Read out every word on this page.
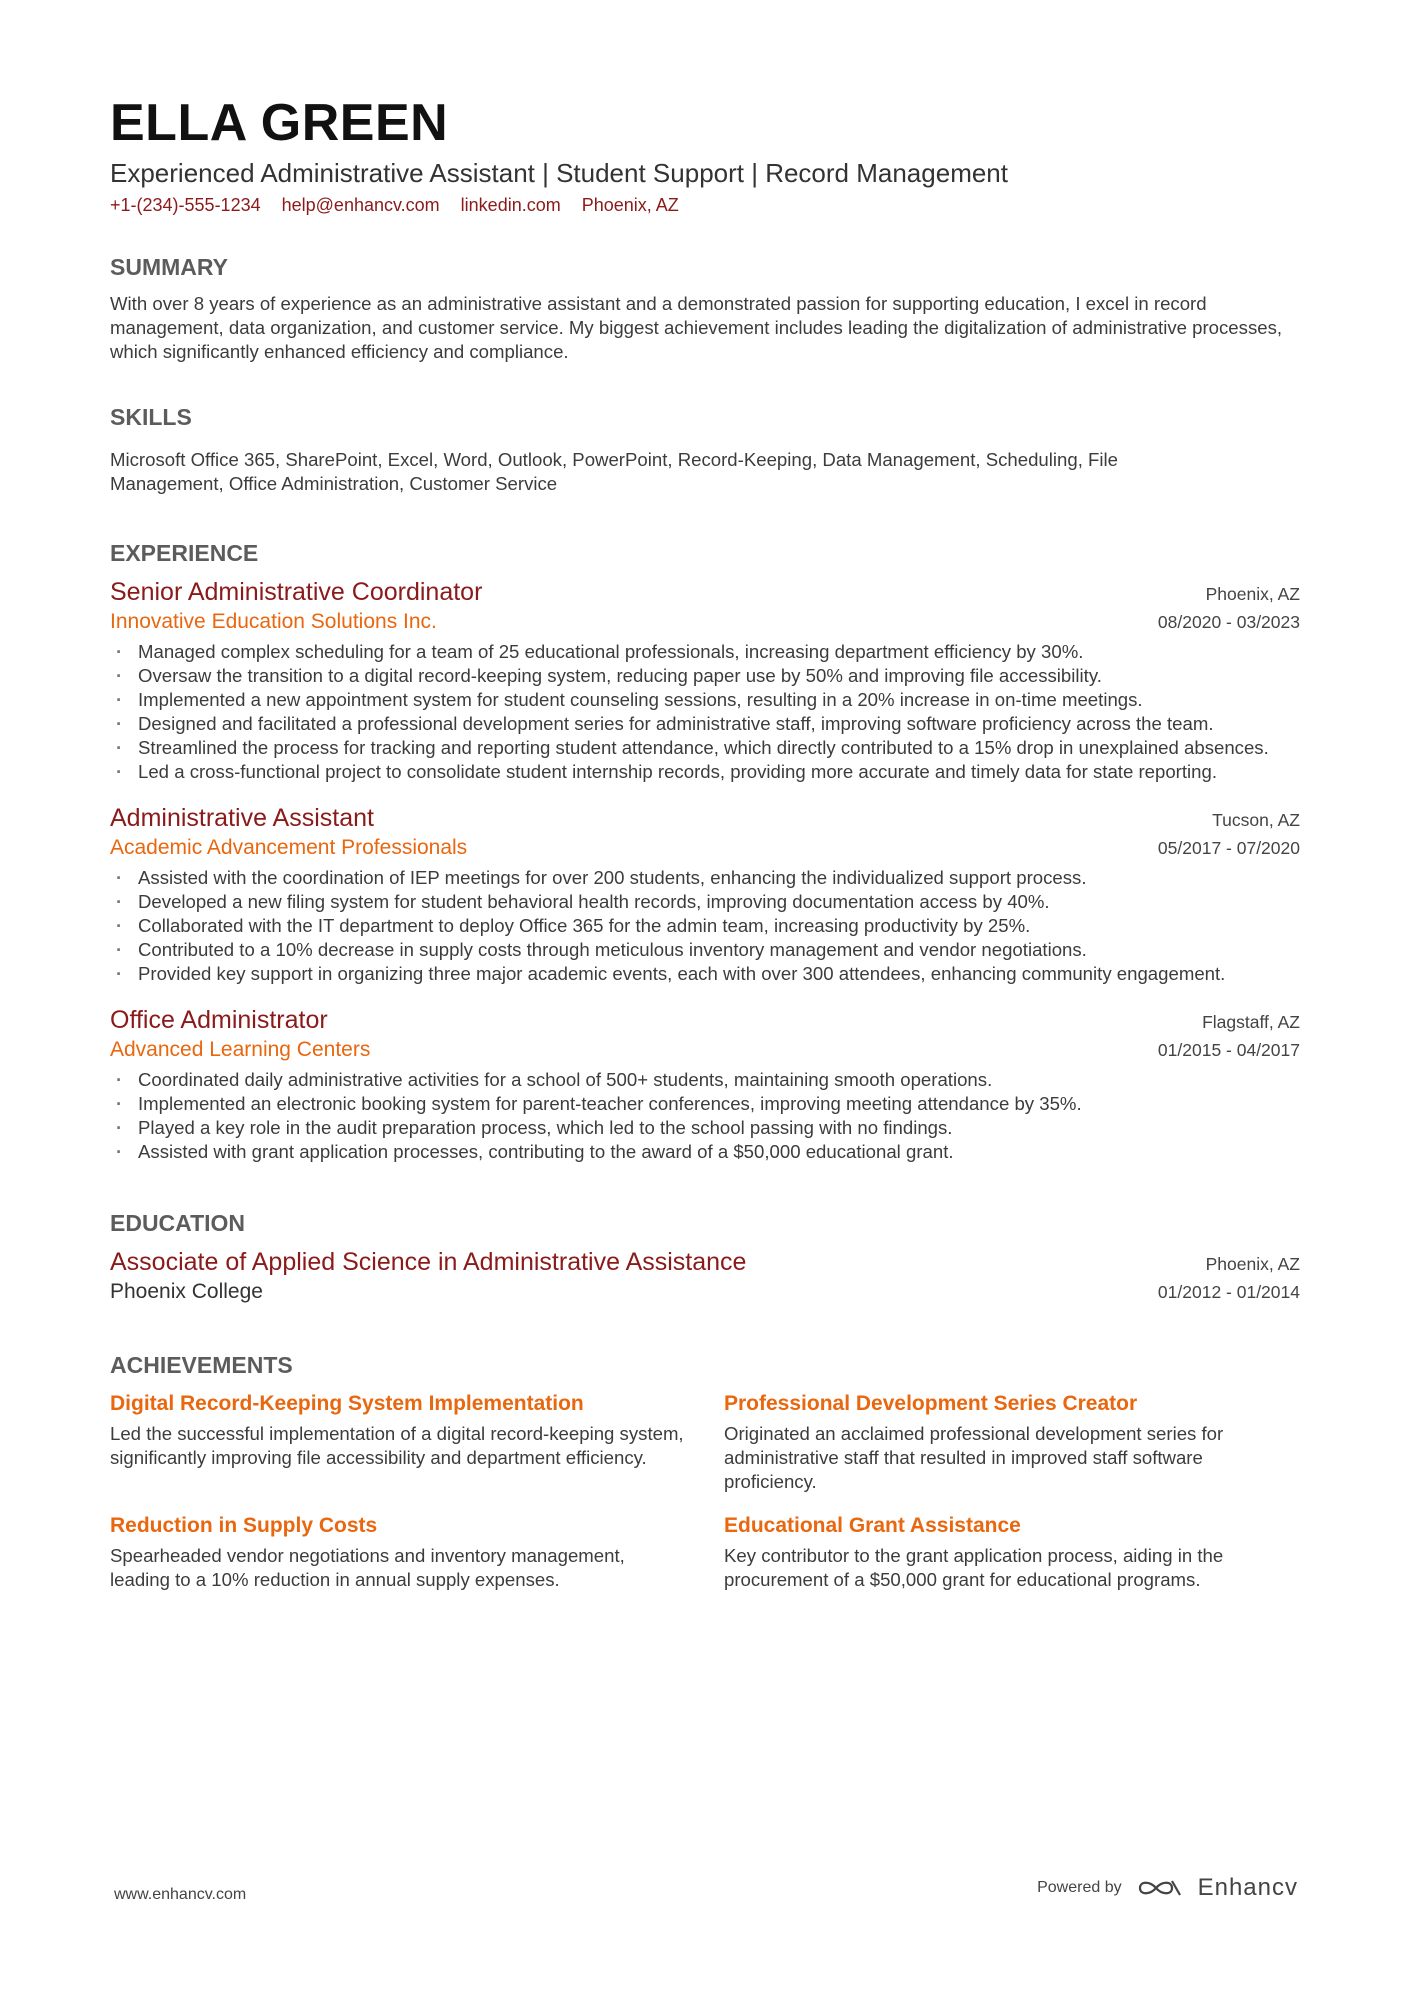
ELLA GREEN
Experienced Administrative Assistant | Student Support | Record Management
+1-(234)-555-1234 help@enhancv.com linkedin.com Phoenix, AZ
SUMMARY

With over 8 years of experience as an administrative assistant and a demonstrated passion for supporting education, I excel in record management, data organization, and customer service. My biggest achievement includes leading the digitalization of administrative processes, which significantly enhanced efficiency and compliance.

SKILLS

Microsoft Office 365, SharePoint, Excel, Word, Outlook, PowerPoint, Record-Keeping, Data Management, Scheduling, File Management, Office Administration, Customer Service

EXPERIENCE
Senior Administrative Coordinator	Phoenix, AZ
Innovative Education Solutions Inc.	08/2020 - 03/2023
· Managed complex scheduling for a team of 25 educational professionals, increasing department efficiency by 30%.
· Oversaw the transition to a digital record-keeping system, reducing paper use by 50% and improving file accessibility.
· Implemented a new appointment system for student counseling sessions, resulting in a 20% increase in on-time meetings.
· Designed and facilitated a professional development series for administrative staff, improving software proficiency across the team.
· Streamlined the process for tracking and reporting student attendance, which directly contributed to a 15% drop in unexplained absences.
· Led a cross-functional project to consolidate student internship records, providing more accurate and timely data for state reporting.
Administrative Assistant	Tucson, AZ
Academic Advancement Professionals	05/2017 - 07/2020
· Assisted with the coordination of IEP meetings for over 200 students, enhancing the individualized support process.
· Developed a new filing system for student behavioral health records, improving documentation access by 40%.
· Collaborated with the IT department to deploy Office 365 for the admin team, increasing productivity by 25%.
· Contributed to a 10% decrease in supply costs through meticulous inventory management and vendor negotiations.
· Provided key support in organizing three major academic events, each with over 300 attendees, enhancing community engagement.
Office Administrator	Flagstaff, AZ
Advanced Learning Centers	01/2015 - 04/2017
· Coordinated daily administrative activities for a school of 500+ students, maintaining smooth operations.
· Implemented an electronic booking system for parent-teacher conferences, improving meeting attendance by 35%.
· Played a key role in the audit preparation process, which led to the school passing with no findings.
· Assisted with grant application processes, contributing to the award of a $50,000 educational grant.
EDUCATION
Associate of Applied Science in Administrative Assistance	Phoenix, AZ
Phoenix College	01/2012 - 01/2014
ACHIEVEMENTS
Digital Record-Keeping System Implementation
Led the successful implementation of a digital record-keeping system, significantly improving file accessibility and department efficiency.
Professional Development Series Creator
Originated an acclaimed professional development series for administrative staff that resulted in improved staff software proficiency.
Reduction in Supply Costs
Spearheaded vendor negotiations and inventory management, leading to a 10% reduction in annual supply expenses.
Educational Grant Assistance
Key contributor to the grant application process, aiding in the procurement of a $50,000 grant for educational programs.
www.enhancv.com	Powered by	Enhancv
